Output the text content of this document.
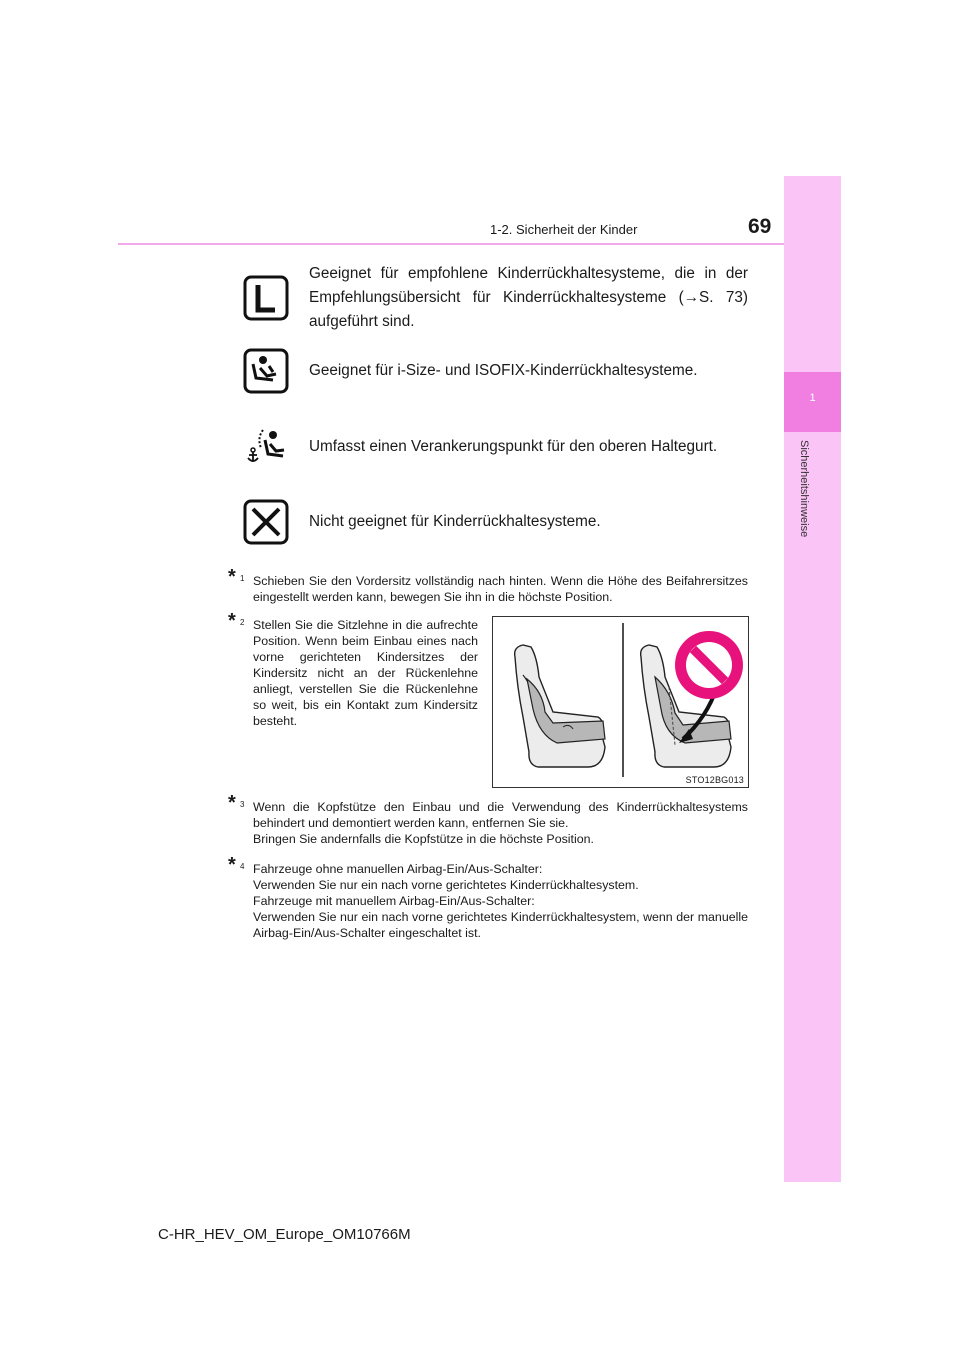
1-2. Sicherheit der Kinder	69
1
Sicherheitshinweise
Geeignet für empfohlene Kinderrückhaltesysteme, die in der Empfehlungsübersicht für Kinderrückhaltesysteme (→S. 73) aufgeführt sind.
Geeignet für i-Size- und ISOFIX-Kinderrückhaltesysteme.
Umfasst einen Verankerungspunkt für den oberen Haltegurt.
Nicht geeignet für Kinderrückhaltesysteme.
* 1 Schieben Sie den Vordersitz vollständig nach hinten. Wenn die Höhe des Beifahrersitzes eingestellt werden kann, bewegen Sie ihn in die höchste Position.
* 2 Stellen Sie die Sitzlehne in die aufrechte Position. Wenn beim Einbau eines nach vorne gerichteten Kindersitzes der Kindersitz nicht an der Rückenlehne anliegt, verstellen Sie die Rückenlehne so weit, bis ein Kontakt zum Kindersitz besteht.
STO12BG013
* 3 Wenn die Kopfstütze den Einbau und die Verwendung des Kinderrückhaltesystems behindert und demontiert werden kann, entfernen Sie sie.
Bringen Sie andernfalls die Kopfstütze in die höchste Position.
* 4 Fahrzeuge ohne manuellen Airbag-Ein/Aus-Schalter:
Verwenden Sie nur ein nach vorne gerichtetes Kinderrückhaltesystem.
Fahrzeuge mit manuellem Airbag-Ein/Aus-Schalter:
Verwenden Sie nur ein nach vorne gerichtetes Kinderrückhaltesystem, wenn der manuelle Airbag-Ein/Aus-Schalter eingeschaltet ist.
C-HR_HEV_OM_Europe_OM10766M
